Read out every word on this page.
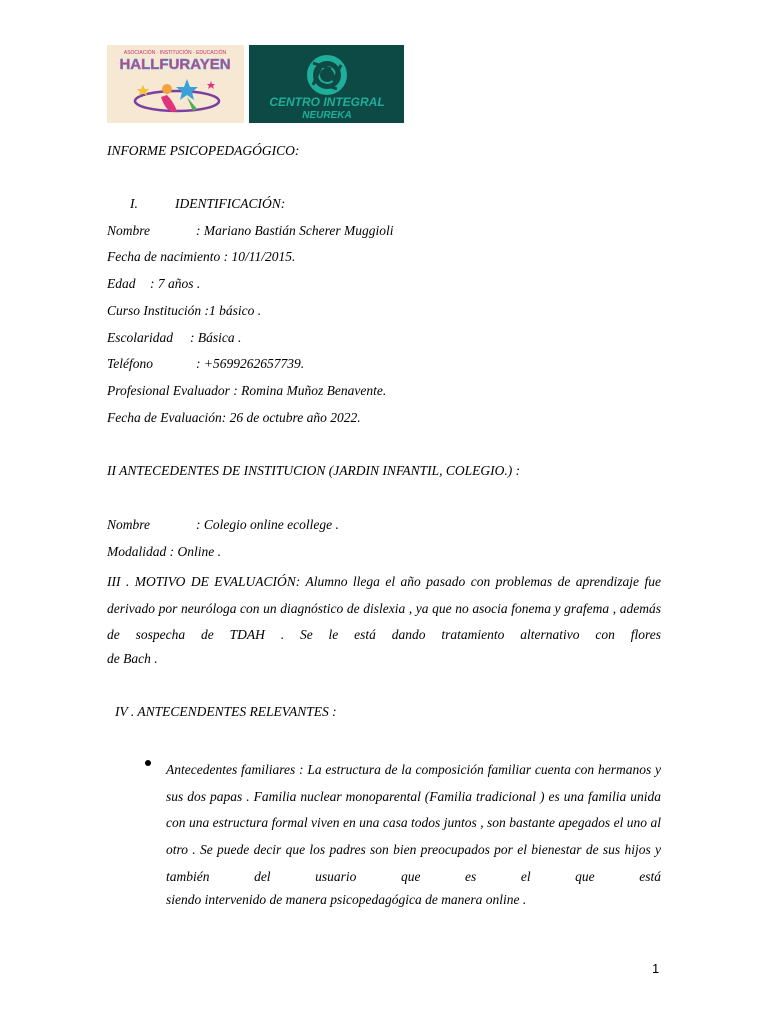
ASOCIACIÓN · INSTITUCIÓN · EDUCACIÓN
HALLFURAYEN
CENTRO INTEGRAL
NEUREKA
INFORME PSICOPEDAGÓGICO:
I.	IDENTIFICACIÓN:
Nombre	: Mariano Bastián Scherer Muggioli
Fecha de nacimiento : 10/11/2015.
Edad : 7 años .
Curso Institución :1 básico .
Escolaridad : Básica .
Teléfono	: +5699262657739.
Profesional Evaluador : Romina Muñoz Benavente.
Fecha de Evaluación: 26 de octubre año 2022.
II ANTECEDENTES DE INSTITUCION (JARDIN INFANTIL, COLEGIO.) :
Nombre	: Colegio online ecollege .
Modalidad : Online .
III . MOTIVO DE EVALUACIÓN: Alumno llega el año pasado con problemas de aprendizaje fue derivado por neuróloga con un diagnóstico de dislexia , ya que no asocia fonema y grafema , además de sospecha de TDAH . Se le está dando tratamiento alternativo con flores
de Bach .
IV . ANTECENDENTES RELEVANTES :
Antecedentes familiares : La estructura de la composición familiar cuenta con hermanos y sus dos papas . Familia nuclear monoparental (Familia tradicional ) es una familia unida con una estructura formal viven en una casa todos juntos , son bastante apegados el uno al otro . Se puede decir que los padres son bien preocupados por el bienestar de sus hijos y también del usuario que es el que está
siendo intervenido de manera psicopedagógica de manera online .
1
